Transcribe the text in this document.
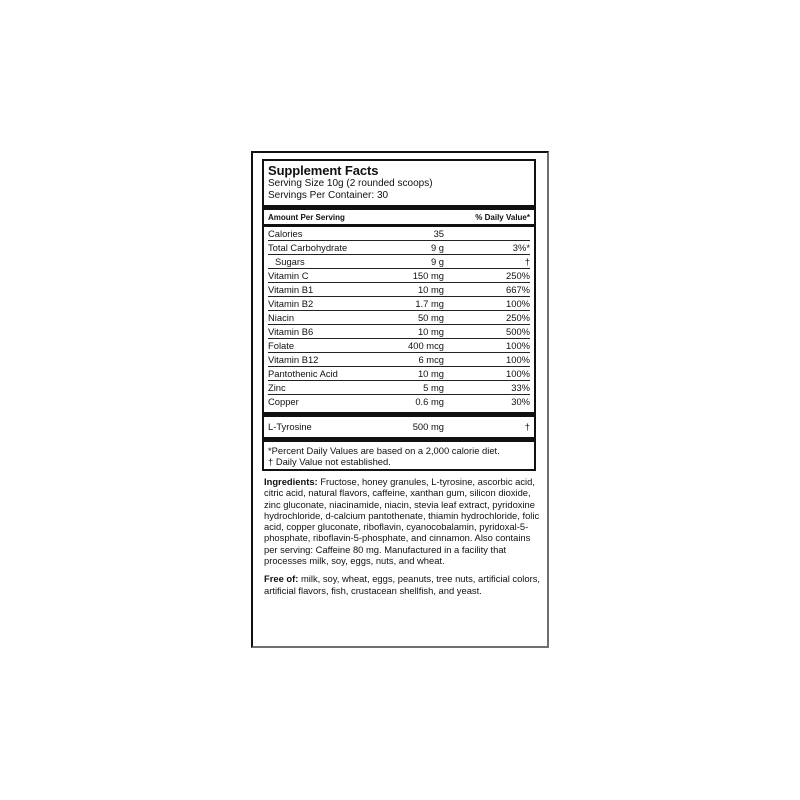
Supplement Facts
Serving Size 10g (2 rounded scoops)
Servings Per Container: 30
Amount Per Serving	% Daily Value*
Calories	35
Total Carbohydrate	9 g	3%*
Sugars	9 g	†
Vitamin C	150 mg	250%
Vitamin B1	10 mg	667%
Vitamin B2	1.7 mg	100%
Niacin	50 mg	250%
Vitamin B6	10 mg	500%
Folate	400 mcg	100%
Vitamin B12	6 mcg	100%
Pantothenic Acid	10 mg	100%
Zinc	5 mg	33%
Copper	0.6 mg	30%
L-Tyrosine	500 mg	†
*Percent Daily Values are based on a 2,000 calorie diet.
† Daily Value not established.

Ingredients: Fructose, honey granules, L-tyrosine, ascorbic acid, citric acid, natural flavors, caffeine, xanthan gum, silicon dioxide, zinc gluconate, niacinamide, niacin, stevia leaf extract, pyridoxine hydrochloride, d-calcium pantothenate, thiamin hydrochloride, folic acid, copper gluconate, riboflavin, cyanocobalamin, pyridoxal-5-phosphate, riboflavin-5-phosphate, and cinnamon. Also contains per serving: Caffeine 80 mg. Manufactured in a facility that processes milk, soy, eggs, nuts, and wheat.

Free of: milk, soy, wheat, eggs, peanuts, tree nuts, artificial colors, artificial flavors, fish, crustacean shellfish, and yeast.
